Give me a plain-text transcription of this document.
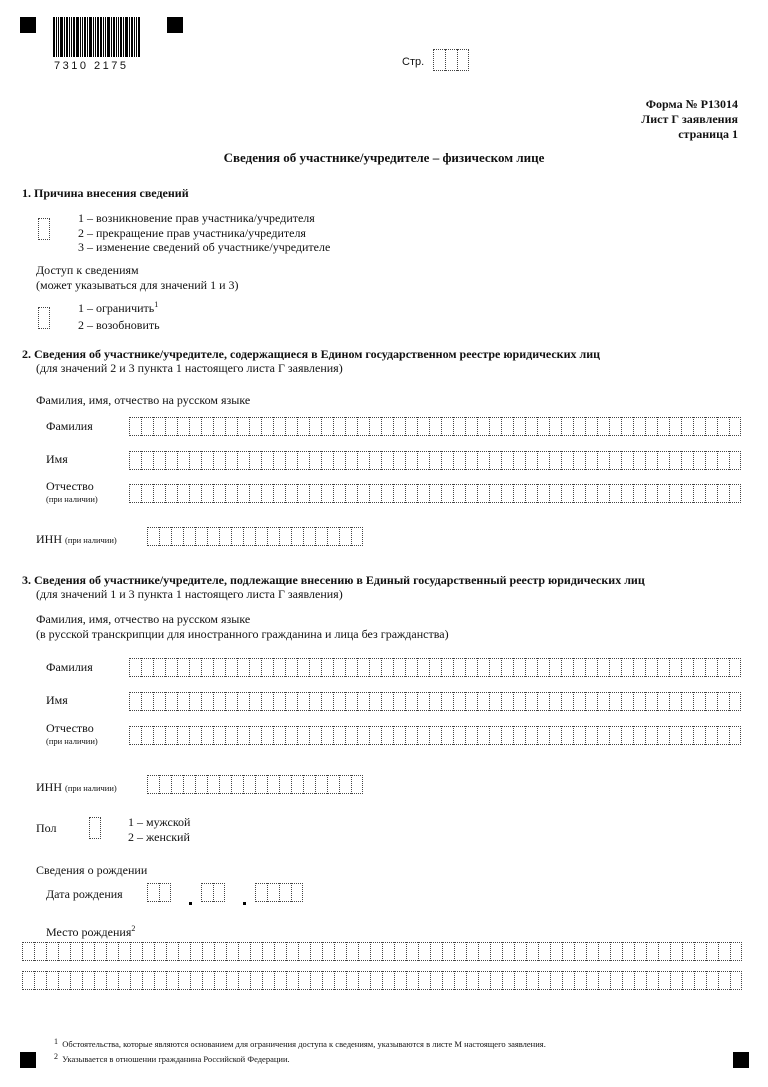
7310 2175	Стр.
Форма № Р13014
Лист Г заявления
страница 1
Сведения об участнике/учредителе – физическом лице
1. Причина внесения сведений
1 – возникновение прав участника/учредителя
2 – прекращение прав участника/учредителя
3 – изменение сведений об участнике/учредителе
Доступ к сведениям
(может указываться для значений 1 и 3)
1 – ограничить$^1$
2 – возобновить
2. Сведения об участнике/учредителе, содержащиеся в Едином государственном реестре юридических лиц
(для значений 2 и 3 пункта 1 настоящего листа Г заявления)
Фамилия, имя, отчество на русском языке
Фамилия
Имя
Отчество
(при наличии)
ИНН (при наличии)
3. Сведения об участнике/учредителе, подлежащие внесению в Единый государственный реестр юридических лиц
(для значений 1 и 3 пункта 1 настоящего листа Г заявления)
Фамилия, имя, отчество на русском языке
(в русской транскрипции для иностранного гражданина и лица без гражданства)
Фамилия
Имя
Отчество
(при наличии)
ИНН (при наличии)
Пол	1 – мужской
2 – женский
Сведения о рождении
Дата рождения
Место рождения$^2$
1 Обстоятельства, которые являются основанием для ограничения доступа к сведениям, указываются в листе М настоящего заявления.
2 Указывается в отношении гражданина Российской Федерации.
